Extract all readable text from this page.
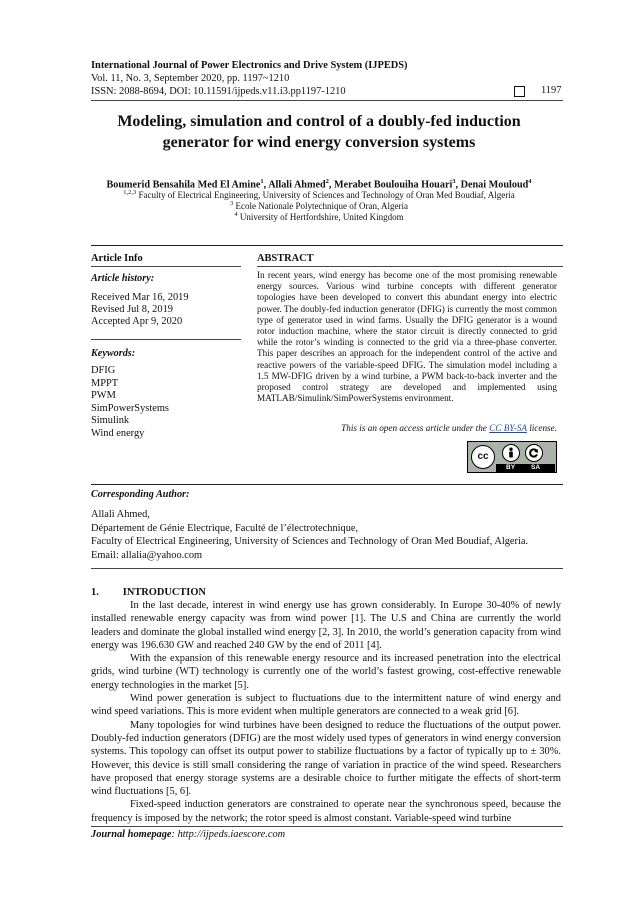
International Journal of Power Electronics and Drive System (IJPEDS)
Vol. 11, No. 3, September 2020, pp. 1197~1210
ISSN: 2088-8694, DOI: 10.11591/ijpeds.v11.i3.pp1197-1210	1197
Modeling, simulation and control of a doubly-fed induction
generator for wind energy conversion systems
Boumerid Bensahila Med El Amine$^1$, Allali Ahmed$^2$, Merabet Boulouiha Houari$^3$, Denai Mouloud$^4$
$^{1,2,3}$ Faculty of Electrical Engineering, University of Sciences and Technology of Oran Med Boudiaf, Algeria
$^3$ Ecole Nationale Polytechnique of Oran, Algeria
$^4$ University of Hertfordshire, United Kingdom
Article Info	ABSTRACT
Article history:
Received Mar 16, 2019
Revised Jul 8, 2019
Accepted Apr 9, 2020
Keywords:
DFIG
MPPT
PWM
SimPowerSystems
Simulink
Wind energy
In recent years, wind energy has become one of the most promising renewable energy sources. Various wind turbine concepts with different generator topologies have been developed to convert this abundant energy into electric power. The doubly-fed induction generator (DFIG) is currently the most common type of generator used in wind farms. Usually the DFIG generator is a wound rotor induction machine, where the stator circuit is directly connected to grid while the rotor’s winding is connected to the grid via a three-phase converter. This paper describes an approach for the independent control of the active and reactive powers of the variable-speed DFIG. The simulation model including a 1.5 MW-DFIG driven by a wind turbine, a PWM back-to-back inverter and the proposed control strategy are developed and implemented using MATLAB/Simulink/SimPowerSystems environment.
This is an open access article under the CC BY-SA license.
cc
BY SA
Corresponding Author:
Allali Ahmed,
Département de Génie Electrique, Faculté de l’électrotechnique,
Faculty of Electrical Engineering, University of Sciences and Technology of Oran Med Boudiaf, Algeria.
Email: allalia@yahoo.com
1. INTRODUCTION

In the last decade, interest in wind energy use has grown considerably. In Europe 30-40% of newly installed renewable energy capacity was from wind power [1]. The U.S and China are currently the world leaders and dominate the global installed wind energy [2, 3]. In 2010, the world’s generation capacity from wind energy was 196.630 GW and reached 240 GW by the end of 2011 [4].

With the expansion of this renewable energy resource and its increased penetration into the electrical grids, wind turbine (WT) technology is currently one of the world’s fastest growing, cost-effective renewable energy technologies in the market [5].

Wind power generation is subject to fluctuations due to the intermittent nature of wind energy and wind speed variations. This is more evident when multiple generators are connected to a weak grid [6].

Many topologies for wind turbines have been designed to reduce the fluctuations of the output power. Doubly-fed induction generators (DFIG) are the most widely used types of generators in wind energy conversion systems. This topology can offset its output power to stabilize fluctuations by a factor of typically up to ± 30%. However, this device is still small considering the range of variation in practice of the wind speed. Researchers have proposed that energy storage systems are a desirable choice to further mitigate the effects of short-term wind fluctuations [5, 6].

Fixed-speed induction generators are constrained to operate near the synchronous speed, because the frequency is imposed by the network; the rotor speed is almost constant. Variable-speed wind turbine

Journal homepage: http://ijpeds.iaescore.com
